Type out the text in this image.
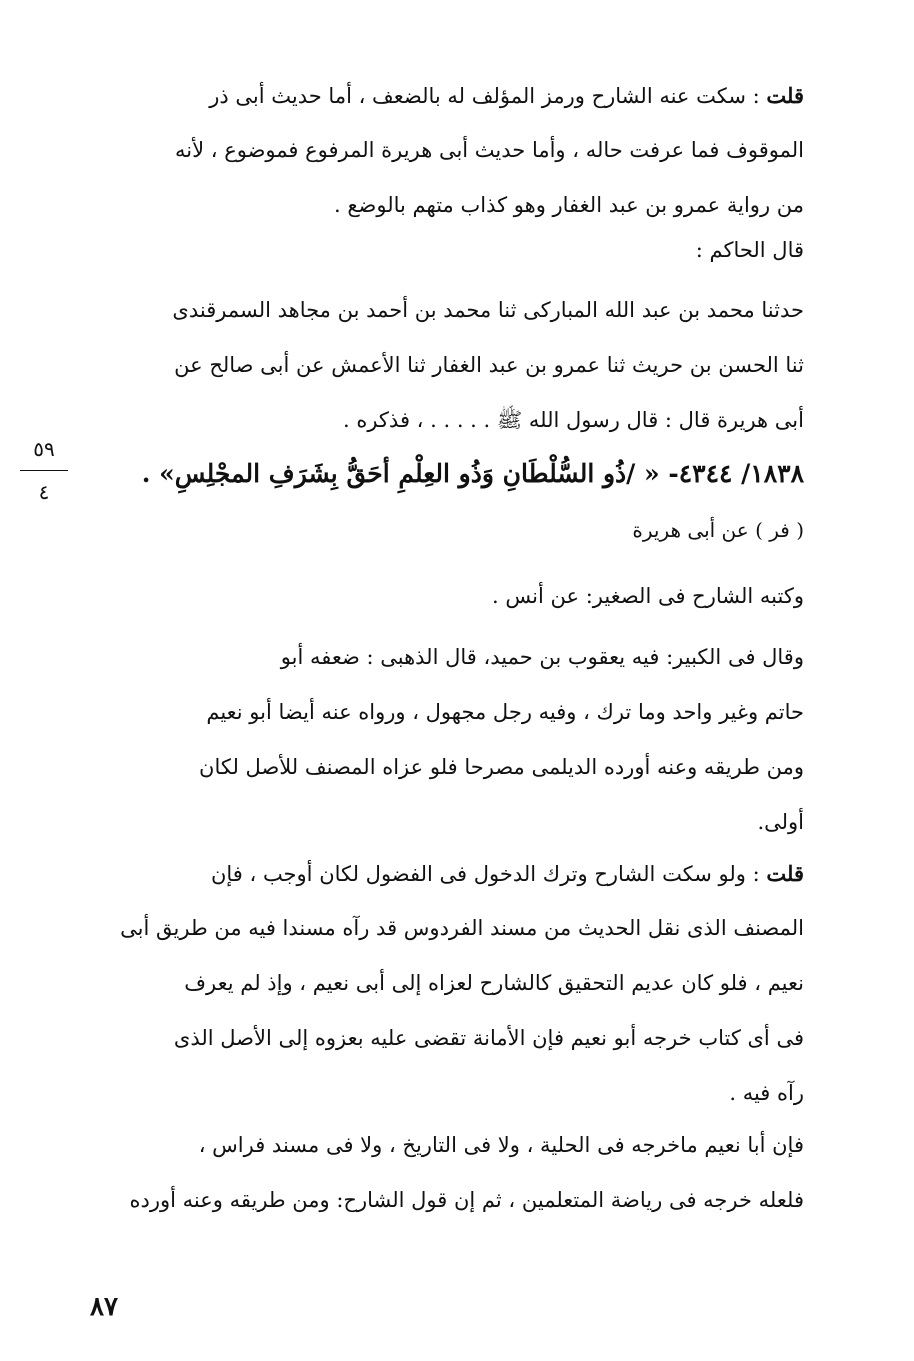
قلت : سكت عنه الشارح ورمز المؤلف له بالضعف ، أما حديث أبى ذر
الموقوف فما عرفت حاله ، وأما حديث أبى هريرة المرفوع فموضوع ، لأنه
من رواية عمرو بن عبد الغفار وهو كذاب متهم بالوضع .
قال الحاكم :
حدثنا محمد بن عبد الله المباركى ثنا محمد بن أحمد بن مجاهد السمرقندى
ثنا الحسن بن حريث ثنا عمرو بن عبد الغفار ثنا الأعمش عن أبى صالح عن
أبى هريرة قال : قال رسول الله ﷺ . . . . . ، فذكره .
٥٩
٤
١٨٣٨/ ٤٣٤٤- « /ذُو السُّلْطَانِ وَذُو العِلْمِ أحَقُّ بِشَرَفِ المجْلِسِ» .
( فر ) عن أبى هريرة
وكتبه الشارح فى الصغير: عن أنس .
وقال فى الكبير: فيه يعقوب بن حميد، قال الذهبى : ضعفه أبو
حاتم وغير واحد وما ترك ، وفيه رجل مجهول ، ورواه عنه أيضا أبو نعيم
ومن طريقه وعنه أورده الديلمى مصرحا فلو عزاه المصنف للأصل لكان
أولى.
قلت : ولو سكت الشارح وترك الدخول فى الفضول لكان أوجب ، فإن
المصنف الذى نقل الحديث من مسند الفردوس قد رآه مسندا فيه من طريق أبى
نعيم ، فلو كان عديم التحقيق كالشارح لعزاه إلى أبى نعيم ، وإذ لم يعرف
فى أى كتاب خرجه أبو نعيم فإن الأمانة تقضى عليه بعزوه إلى الأصل الذى
رآه فيه .
فإن أبا نعيم ماخرجه فى الحلية ، ولا فى التاريخ ، ولا فى مسند فراس ،
فلعله خرجه فى رياضة المتعلمين ، ثم إن قول الشارح: ومن طريقه وعنه أورده
٨٧
